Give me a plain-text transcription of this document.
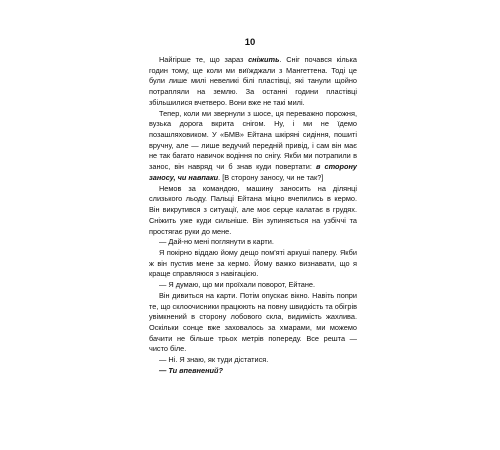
10

Найгірше те, що зараз сніжить. Сніг почався кілька годин тому, ще коли ми виїжджали з Мангеттена. Тоді це були лише милі невеликі білі пластівці, які танули щойно потрапляли на землю. За останні години пластівці збільшилися вчетверо. Вони вже не такі милі.

Тепер, коли ми звернули з шосе, ця переважно порожня, вузька дорога вкрита снігом. Ну, і ми не їдемо позашляховиком. У «БМВ» Ейтана шкіряні сидіння, пошиті вручну, але — лише ведучий передній привід, і сам він має не так багато навичок водіння по снігу. Якби ми потрапили в занос, він навряд чи б знав куди повертати: в сторону заносу, чи навпаки. [В сторону заносу, чи не так?]

Немов за командою, машину заносить на ділянці слизького льоду. Пальці Ейтана міцно вчепились в кермо. Він викрутився з ситуації, але моє серце калатає в грудях. Сніжить уже куди сильніше. Він зупиняється на узбіччі та простягає руки до мене.

— Дай-но мені поглянути в карти.

Я покірно віддаю йому дещо пом'яті аркуші паперу. Якби ж він пустив мене за кермо. Йому важко визнавати, що я краще справляюся з навігацією.

— Я думаю, що ми проїхали поворот, Ейтане.

Він дивиться на карти. Потім опускає вікно. Навіть попри те, що склоочисники працюють на повну швидкість та обігрів увімкнений в сторону лобового скла, видимість жахлива. Оскільки сонце вже заховалось за хмарами, ми можемо бачити не більше трьох метрів попереду. Все решта — чисто біле.

— Ні. Я знаю, як туди дістатися.

— Ти впевнений?
